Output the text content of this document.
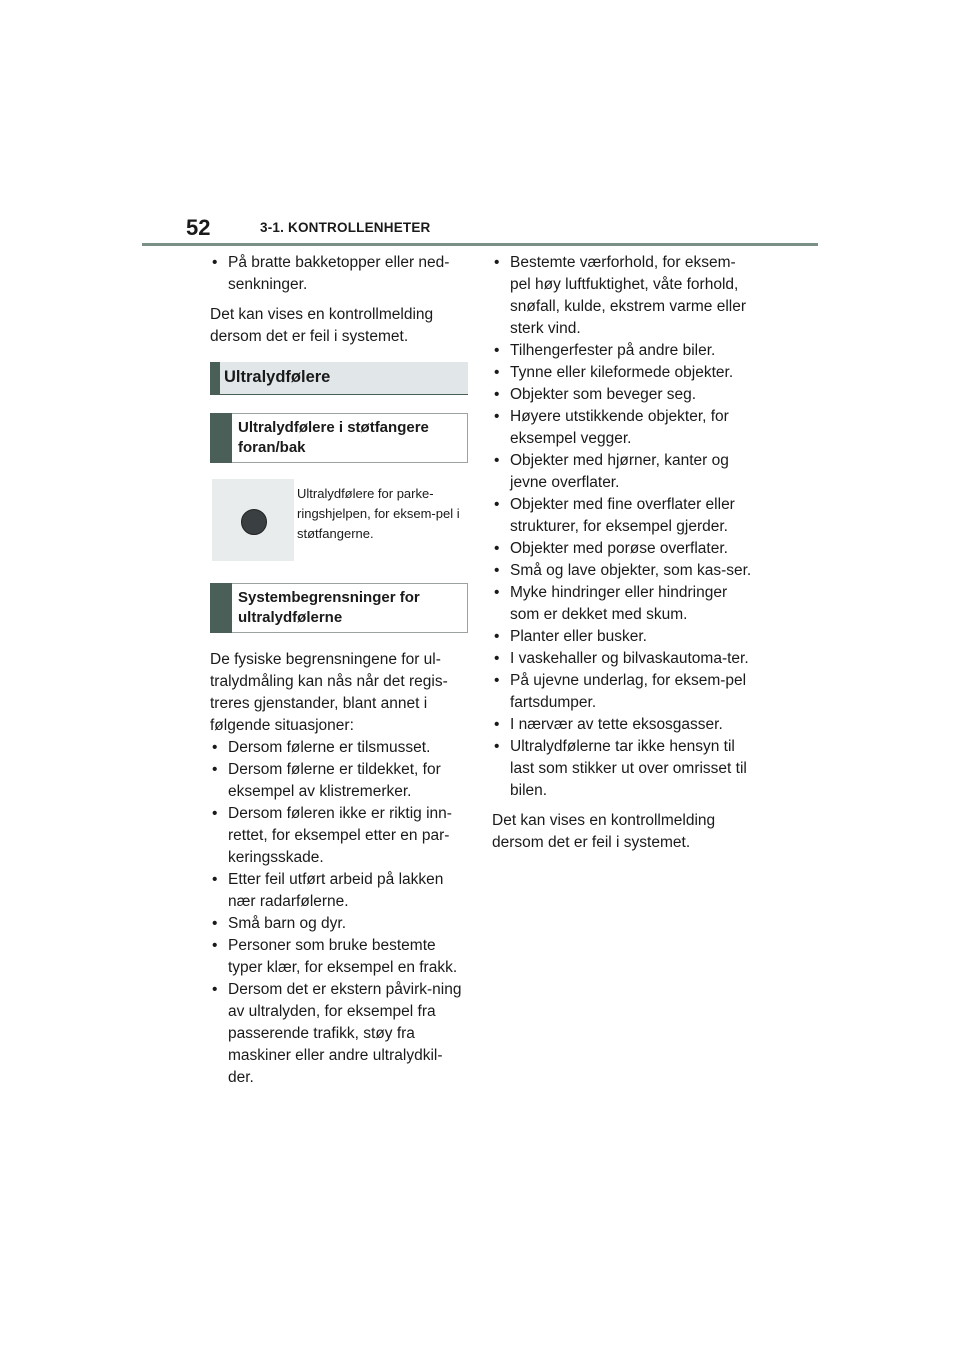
52	3-1. KONTROLLENHETER
• På bratte bakketopper eller ned-senkninger.

Det kan vises en kontrollmelding dersom det er feil i systemet.

Ultralydfølere
Ultralydfølere i støtfangere foran/bak
Ultralydfølere for parke-ringshjelpen, for eksem-pel i støtfangerne.
Systembegrensninger for ultralydfølerne

De fysiske begrensningene for ul-tralydmåling kan nås når det regis-treres gjenstander, blant annet i følgende situasjoner:

• Dersom følerne er tilsmusset.
• Dersom følerne er tildekket, for eksempel av klistremerker.
• Dersom føleren ikke er riktig inn-rettet, for eksempel etter en par-keringsskade.
• Etter feil utført arbeid på lakken nær radarfølerne.
• Små barn og dyr.
• Personer som bruke bestemte typer klær, for eksempel en frakk.
• Dersom det er ekstern påvirk-ning av ultralyden, for eksempel fra passerende trafikk, støy fra maskiner eller andre ultralydkil-der.
• Bestemte værforhold, for eksem-pel høy luftfuktighet, våte forhold, snøfall, kulde, ekstrem varme eller sterk vind.
• Tilhengerfester på andre biler.
• Tynne eller kileformede objekter.
• Objekter som beveger seg.
• Høyere utstikkende objekter, for eksempel vegger.
• Objekter med hjørner, kanter og jevne overflater.
• Objekter med fine overflater eller strukturer, for eksempel gjerder.
• Objekter med porøse overflater.
• Små og lave objekter, som kas-ser.
• Myke hindringer eller hindringer som er dekket med skum.
• Planter eller busker.
• I vaskehaller og bilvaskautoma-ter.
• På ujevne underlag, for eksem-pel fartsdumper.
• I nærvær av tette eksosgasser.
• Ultralydfølerne tar ikke hensyn til last som stikker ut over omrisset til bilen.

Det kan vises en kontrollmelding dersom det er feil i systemet.
